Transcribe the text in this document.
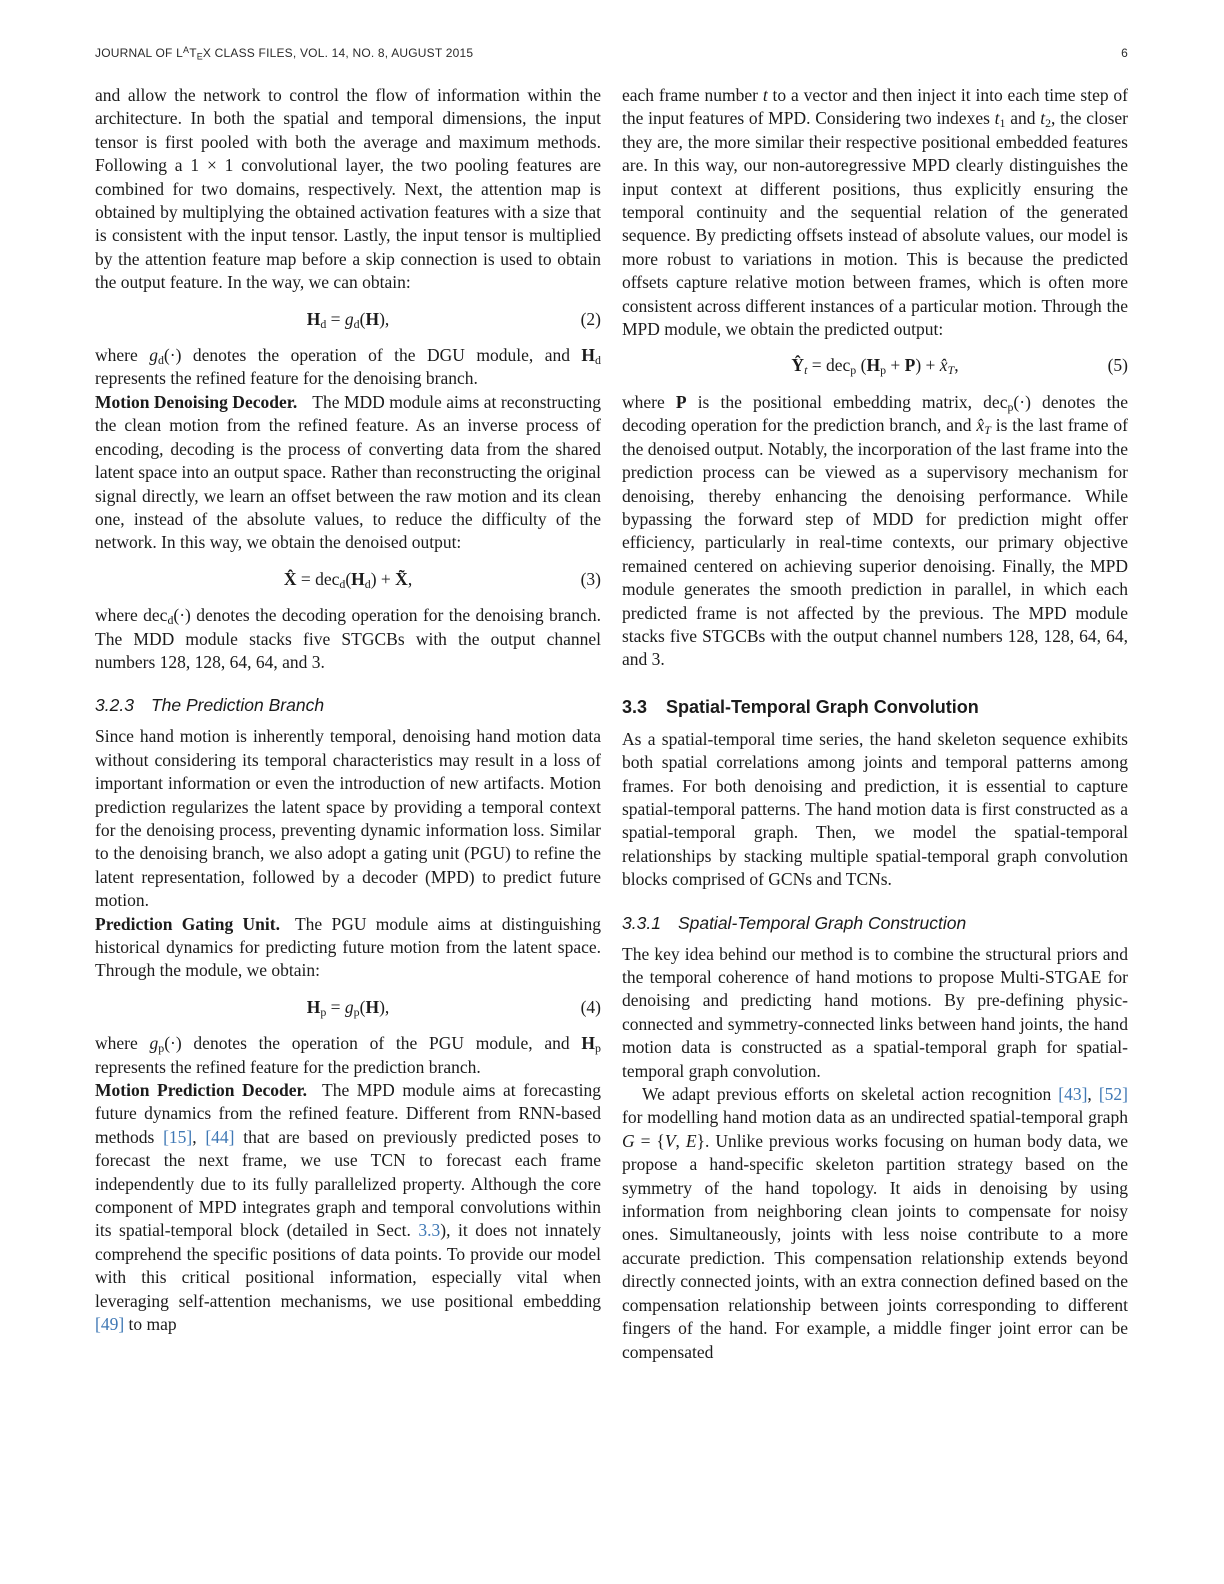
JOURNAL OF $L^AT_EX$ CLASS FILES, VOL. 14, NO. 8, AUGUST 2015	6

and allow the network to control the flow of information within the architecture. In both the spatial and temporal dimensions, the input tensor is first pooled with both the average and maximum methods. Following a 1 × 1 convolutional layer, the two pooling features are combined for two domains, respectively. Next, the attention map is obtained by multiplying the obtained activation features with a size that is consistent with the input tensor. Lastly, the input tensor is multiplied by the attention feature map before a skip connection is used to obtain the output feature. In the way, we can obtain:

$H_d = g_d(H)$,	(2)

where $g_d(\cdot)$ denotes the operation of the DGU module, and $H_d$ represents the refined feature for the denoising branch.

Motion Denoising Decoder. The MDD module aims at reconstructing the clean motion from the refined feature. As an inverse process of encoding, decoding is the process of converting data from the shared latent space into an output space. Rather than reconstructing the original signal directly, we learn an offset between the raw motion and its clean one, instead of the absolute values, to reduce the difficulty of the network. In this way, we obtain the denoised output:

X̂ = $dec_d(H_d)$ + X̃,	(3)

where dec$_d$(·) denotes the decoding operation for the denoising branch. The MDD module stacks five STGCBs with the output channel numbers 128, 128, 64, 64, and 3.

3.2.3 The Prediction Branch

Since hand motion is inherently temporal, denoising hand motion data without considering its temporal characteristics may result in a loss of important information or even the introduction of new artifacts. Motion prediction regularizes the latent space by providing a temporal context for the denoising process, preventing dynamic information loss. Similar to the denoising branch, we also adopt a gating unit (PGU) to refine the latent representation, followed by a decoder (MPD) to predict future motion.

Prediction Gating Unit. The PGU module aims at distinguishing historical dynamics for predicting future motion from the latent space. Through the module, we obtain:

$H_p = g_p(H)$,	(4)

where $g_p(\cdot)$ denotes the operation of the PGU module, and $H_p$ represents the refined feature for the prediction branch.

Motion Prediction Decoder. The MPD module aims at forecasting future dynamics from the refined feature. Different from RNN-based methods [15], [44] that are based on previously predicted poses to forecast the next frame, we use TCN to forecast each frame independently due to its fully parallelized property. Although the core component of MPD integrates graph and temporal convolutions within its spatial-temporal block (detailed in Sect. 3.3), it does not innately comprehend the specific positions of data points. To provide our model with this critical positional information, especially vital when leveraging self-attention mechanisms, we use positional embedding [49] to map

each frame number t to a vector and then inject it into each time step of the input features of MPD. Considering two indexes $t_1$ and $t_2$, the closer they are, the more similar their respective positional embedded features are. In this way, our non-autoregressive MPD clearly distinguishes the input context at different positions, thus explicitly ensuring the temporal continuity and the sequential relation of the generated sequence. By predicting offsets instead of absolute values, our model is more robust to variations in motion. This is because the predicted offsets capture relative motion between frames, which is often more consistent across different instances of a particular motion. Through the MPD module, we obtain the predicted output:

$Ŷ_t = dec_p$ $(H_p + P)$ + $x̂_T$,	(5)

where P is the positional embedding matrix, dec$_p$(·) denotes the decoding operation for the prediction branch, and $x̂_T$ is the last frame of the denoised output. Notably, the incorporation of the last frame into the prediction process can be viewed as a supervisory mechanism for denoising, thereby enhancing the denoising performance. While bypassing the forward step of MDD for prediction might offer efficiency, particularly in real-time contexts, our primary objective remained centered on achieving superior denoising. Finally, the MPD module generates the smooth prediction in parallel, in which each predicted frame is not affected by the previous. The MPD module stacks five STGCBs with the output channel numbers 128, 128, 64, 64, and 3.

3.3 Spatial-Temporal Graph Convolution

As a spatial-temporal time series, the hand skeleton sequence exhibits both spatial correlations among joints and temporal patterns among frames. For both denoising and prediction, it is essential to capture spatial-temporal patterns. The hand motion data is first constructed as a spatial-temporal graph. Then, we model the spatial-temporal relationships by stacking multiple spatial-temporal graph convolution blocks comprised of GCNs and TCNs.

3.3.1 Spatial-Temporal Graph Construction

The key idea behind our method is to combine the structural priors and the temporal coherence of hand motions to propose Multi-STGAE for denoising and predicting hand motions. By pre-defining physic-connected and symmetry-connected links between hand joints, the hand motion data is constructed as a spatial-temporal graph for spatial-temporal graph convolution.

We adapt previous efforts on skeletal action recognition [43], [52] for modelling hand motion data as an undirected spatial-temporal graph G = {V, E}. Unlike previous works focusing on human body data, we propose a hand-specific skeleton partition strategy based on the symmetry of the hand topology. It aids in denoising by using information from neighboring clean joints to compensate for noisy ones. Simultaneously, joints with less noise contribute to a more accurate prediction. This compensation relationship extends beyond directly connected joints, with an extra connection defined based on the compensation relationship between joints corresponding to different fingers of the hand. For example, a middle finger joint error can be compensated
